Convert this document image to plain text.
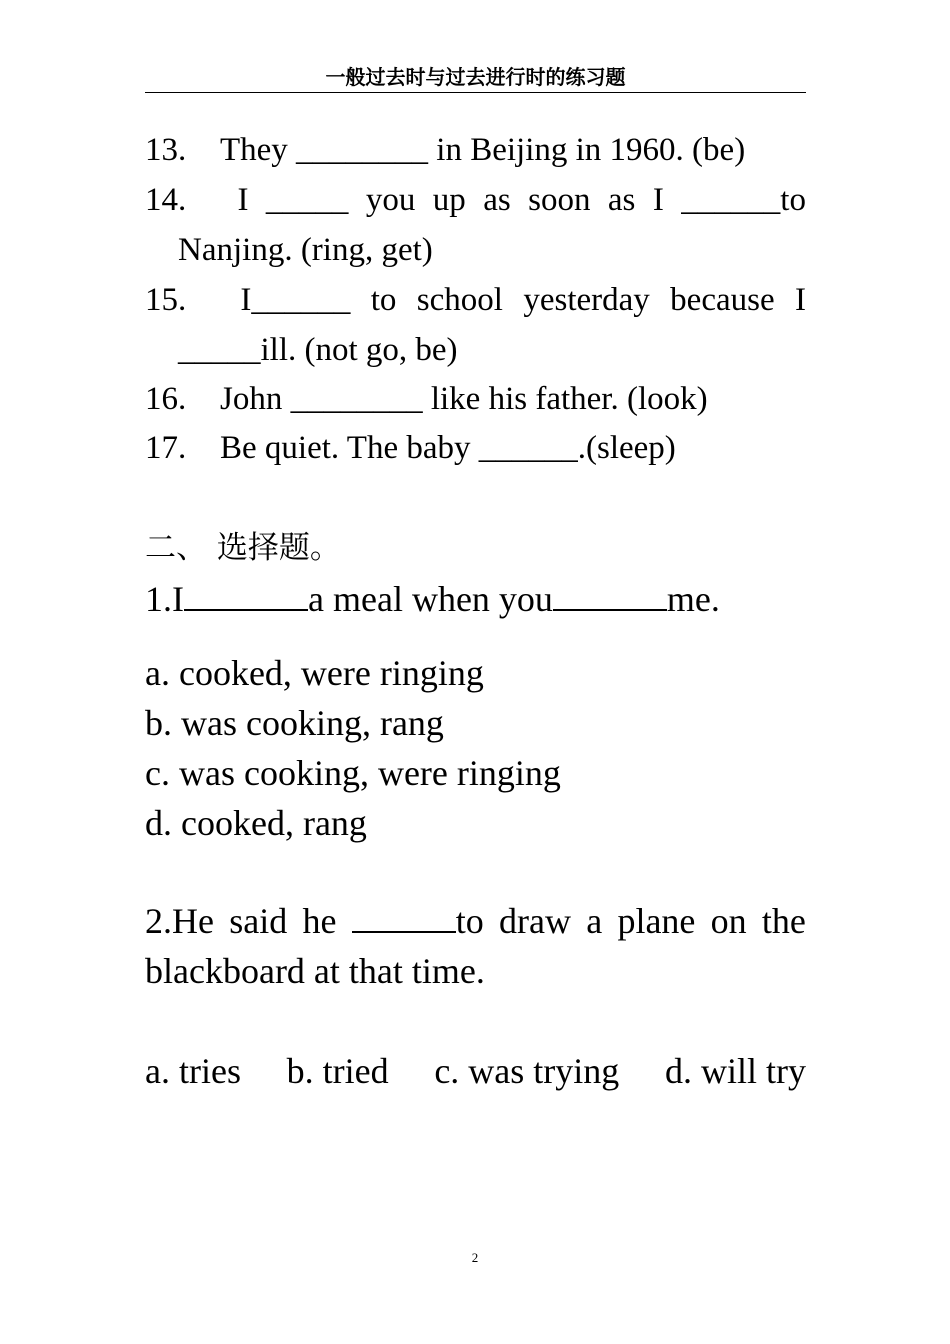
一般过去时与过去进行时的练习题
13. They ________ in Beijing in 1960. (be)
14.	I _____ you up as soon as I ______to
Nanjing. (ring, get)
15.	I______ to school yesterday because I
_____ill. (not go, be)
16. John ________ like his father. (look)
17. Be quiet. The baby ______.(sleep)
二、 选择题。
1.I	a meal when you	me.
a. cooked, were ringing
b. was cooking, rang
c. was cooking, were ringing
d. cooked, rang
2.He said he	to draw a plane on the
blackboard at that time.
a. tries b. tried c. was trying d. will try
2
